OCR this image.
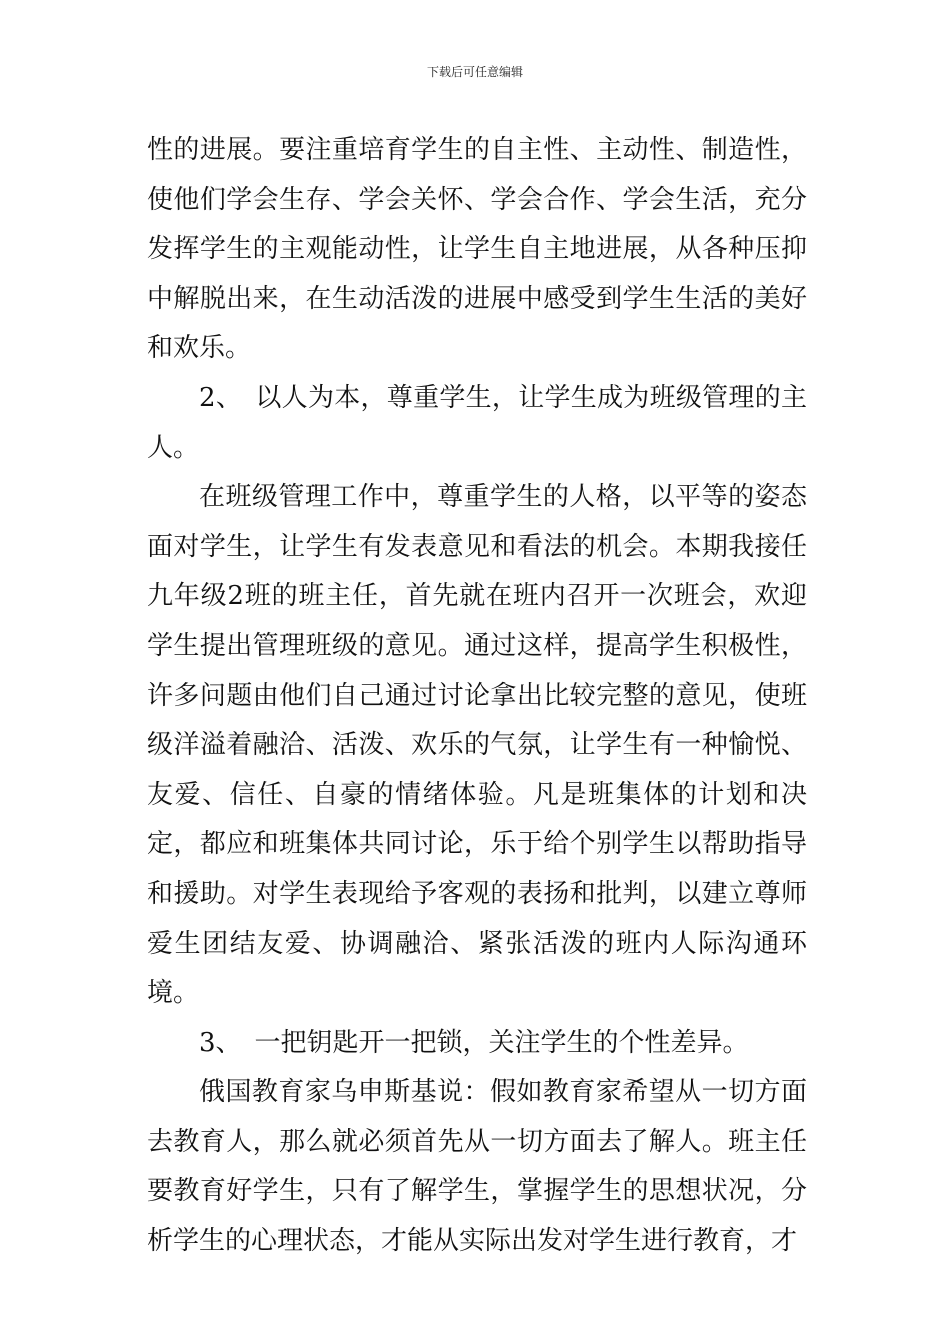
下载后可任意编辑

性的进展。要注重培育学生的自主性、主动性、制造性，使他们学会生存、学会关怀、学会合作、学会生活，充分发挥学生的主观能动性，让学生自主地进展，从各种压抑中解脱出来，在生动活泼的进展中感受到学生生活的美好和欢乐。

2、　以人为本，尊重学生，让学生成为班级管理的主人。

在班级管理工作中，尊重学生的人格，以平等的姿态面对学生，让学生有发表意见和看法的机会。本期我接任九年级2班的班主任，首先就在班内召开一次班会，欢迎学生提出管理班级的意见。通过这样，提高学生积极性，许多问题由他们自己通过讨论拿出比较完整的意见，使班级洋溢着融洽、活泼、欢乐的气氛，让学生有一种愉悦、友爱、信任、自豪的情绪体验。凡是班集体的计划和决定，都应和班集体共同讨论，乐于给个别学生以帮助指导和援助。对学生表现给予客观的表扬和批判，以建立尊师爱生团结友爱、协调融洽、紧张活泼的班内人际沟通环境。

3、　一把钥匙开一把锁，关注学生的个性差异。

俄国教育家乌申斯基说：假如教育家希望从一切方面去教育人，那么就必须首先从一切方面去了解人。班主任要教育好学生，只有了解学生，掌握学生的思想状况，分析学生的心理状态，才能从实际出发对学生进行教育，才
